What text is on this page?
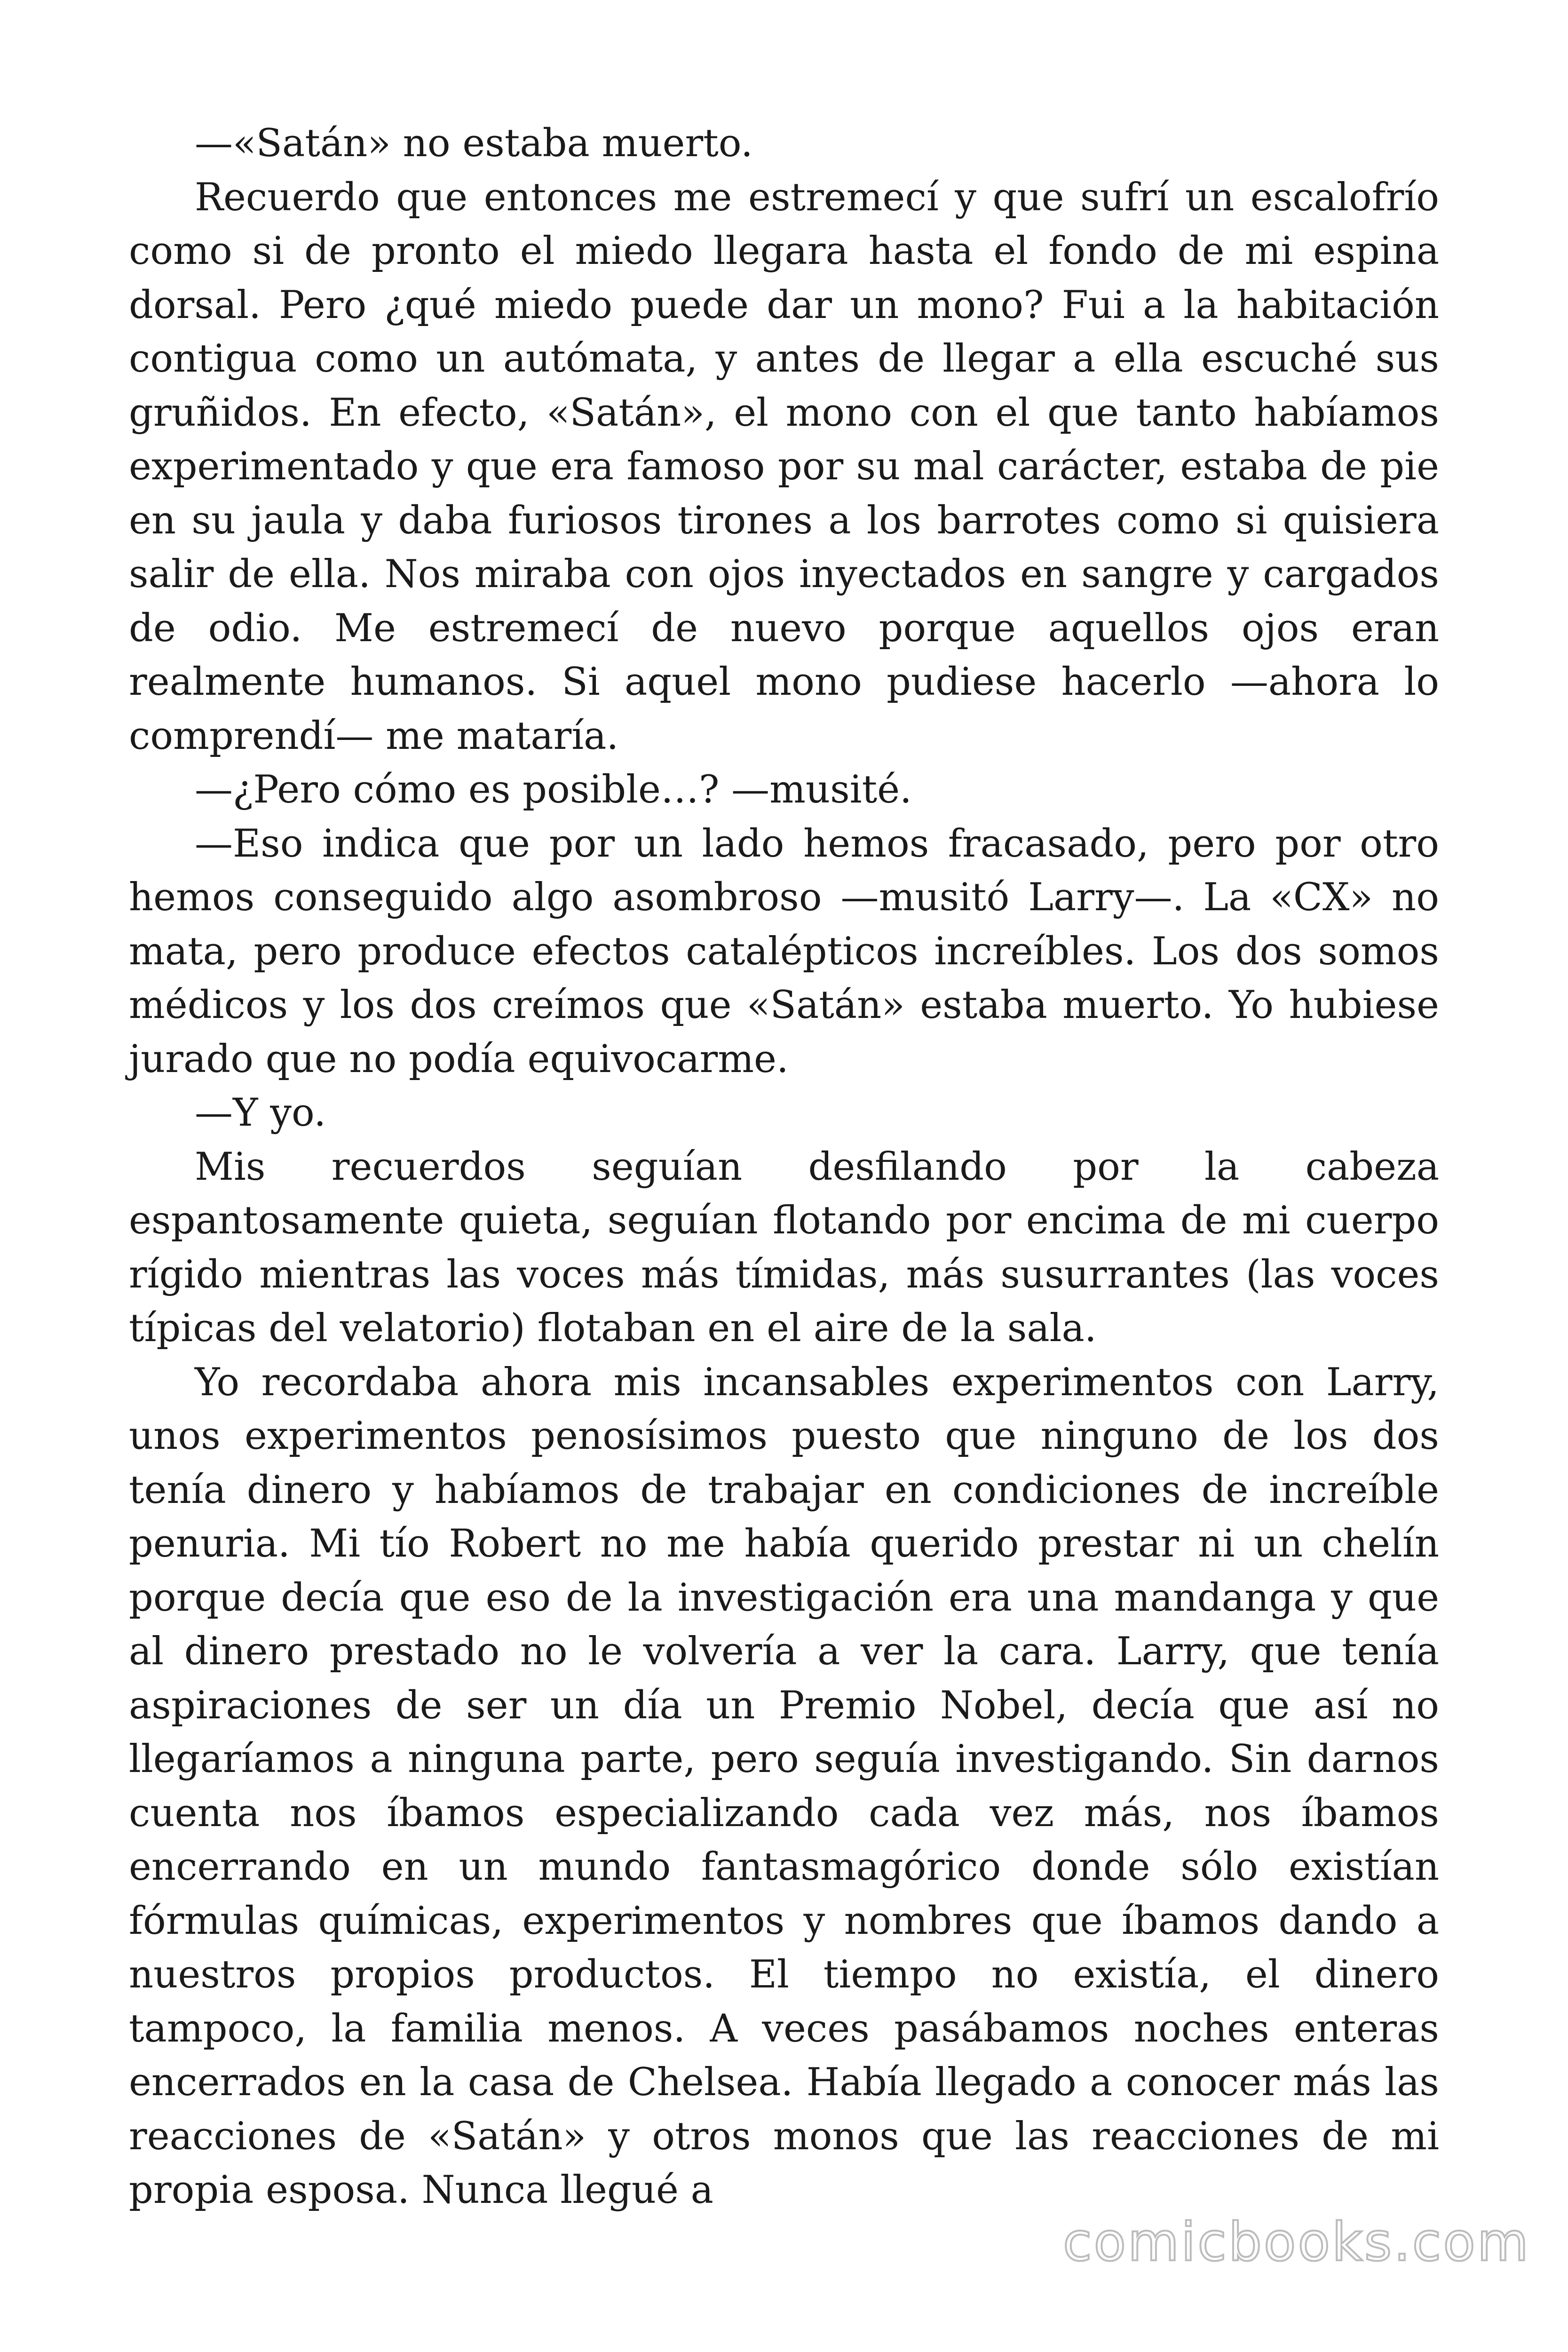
—«Satán» no estaba muerto.

Recuerdo que entonces me estremecí y que sufrí un escalofrío como si de pronto el miedo llegara hasta el fondo de mi espina dorsal. Pero ¿qué miedo puede dar un mono? Fui a la habitación contigua como un autómata, y antes de llegar a ella escuché sus gruñidos. En efecto, «Satán», el mono con el que tanto habíamos experimentado y que era famoso por su mal carácter, estaba de pie en su jaula y daba furiosos tirones a los barrotes como si quisiera salir de ella. Nos miraba con ojos inyectados en sangre y cargados de odio. Me estremecí de nuevo porque aquellos ojos eran realmente humanos. Si aquel mono pudiese hacerlo —ahora lo comprendí— me mataría.

—¿Pero cómo es posible…? —musité.

—Eso indica que por un lado hemos fracasado, pero por otro hemos conseguido algo asombroso —musitó Larry—. La «CX» no mata, pero produce efectos catalépticos increíbles. Los dos somos médicos y los dos creímos que «Satán» estaba muerto. Yo hubiese jurado que no podía equivocarme.

—Y yo.

Mis recuerdos seguían desfilando por la cabeza espantosamente quieta, seguían flotando por encima de mi cuerpo rígido mientras las voces más tímidas, más susurrantes (las voces típicas del velatorio) flotaban en el aire de la sala.

Yo recordaba ahora mis incansables experimentos con Larry, unos experimentos penosísimos puesto que ninguno de los dos tenía dinero y habíamos de trabajar en condiciones de increíble penuria. Mi tío Robert no me había querido prestar ni un chelín porque decía que eso de la investigación era una mandanga y que al dinero prestado no le volvería a ver la cara. Larry, que tenía aspiraciones de ser un día un Premio Nobel, decía que así no llegaríamos a ninguna parte, pero seguía investigando. Sin darnos cuenta nos íbamos especializando cada vez más, nos íbamos encerrando en un mundo fantasmagórico donde sólo existían fórmulas químicas, experimentos y nombres que íbamos dando a nuestros propios productos. El tiempo no existía, el dinero tampoco, la familia menos. A veces pasábamos noches enteras encerrados en la casa de Chelsea. Había llegado a conocer más las reacciones de «Satán» y otros monos que las reacciones de mi propia esposa. Nunca llegué a

comicbooks.com
